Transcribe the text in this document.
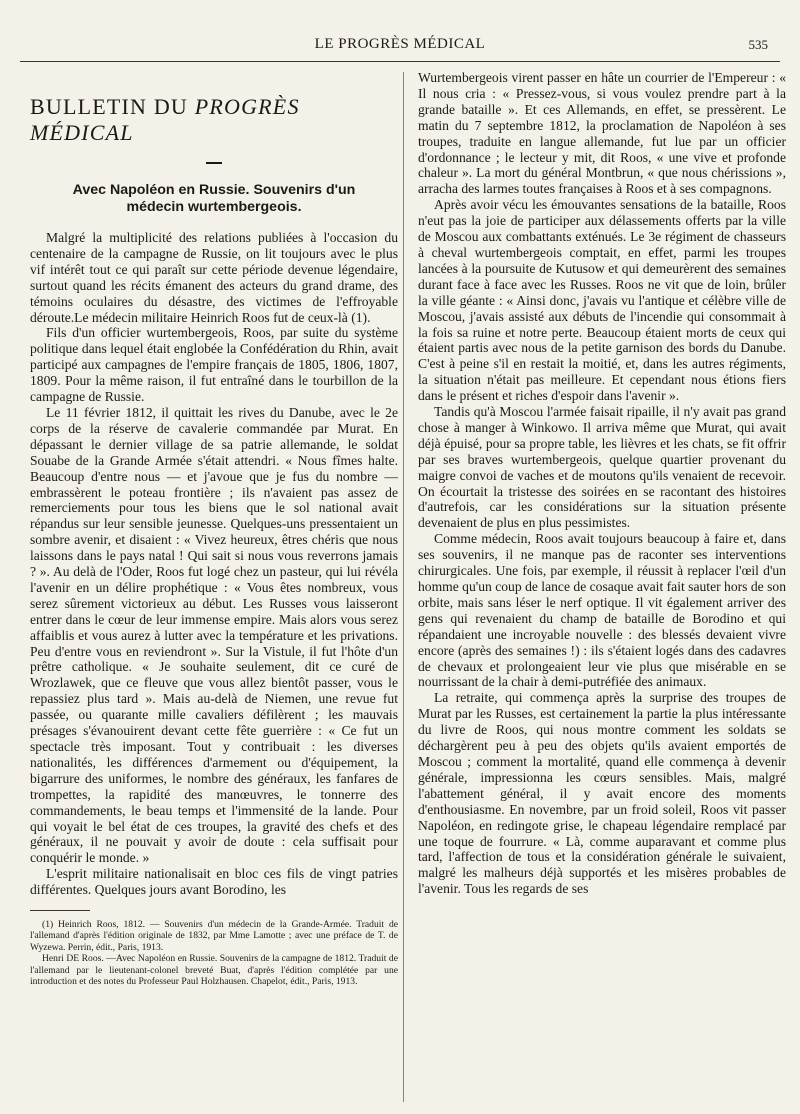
LE PROGRÈS MÉDICAL	535
BULLETIN DU PROGRÈS MÉDICAL
Avec Napoléon en Russie. Souvenirs d'un médecin wurtembergeois.

Malgré la multiplicité des relations publiées à l'occasion du centenaire de la campagne de Russie, on lit toujours avec le plus vif intérêt tout ce qui paraît sur cette période devenue légendaire, surtout quand les récits émanent des acteurs du grand drame, des témoins oculaires du désastre, des victimes de l'effroyable déroute.Le médecin militaire Heinrich Roos fut de ceux-là (1).

Fils d'un officier wurtembergeois, Roos, par suite du système politique dans lequel était englobée la Confédération du Rhin, avait participé aux campagnes de l'empire français de 1805, 1806, 1807, 1809. Pour la même raison, il fut entraîné dans le tourbillon de la campagne de Russie.

Le 11 février 1812, il quittait les rives du Danube, avec le 2e corps de la réserve de cavalerie commandée par Murat. En dépassant le dernier village de sa patrie allemande, le soldat Souabe de la Grande Armée s'était attendri. « Nous fîmes halte. Beaucoup d'entre nous — et j'avoue que je fus du nombre — embrassèrent le poteau frontière ; ils n'avaient pas assez de remerciements pour tous les biens que le sol national avait répandus sur leur sensible jeunesse. Quelques-uns pressentaient un sombre avenir, et disaient : « Vivez heureux, êtres chéris que nous laissons dans le pays natal ! Qui sait si nous vous reverrons jamais ? ». Au delà de l'Oder, Roos fut logé chez un pasteur, qui lui révéla l'avenir en un délire prophétique : « Vous êtes nombreux, vous serez sûrement victorieux au début. Les Russes vous laisseront entrer dans le cœur de leur immense empire. Mais alors vous serez affaiblis et vous aurez à lutter avec la température et les privations. Peu d'entre vous en reviendront ». Sur la Vistule, il fut l'hôte d'un prêtre catholique. « Je souhaite seulement, dit ce curé de Wrozlawek, que ce fleuve que vous allez bientôt passer, vous le repassiez plus tard ». Mais au-delà de Niemen, une revue fut passée, ou quarante mille cavaliers défilèrent ; les mauvais présages s'évanouirent devant cette fête guerrière : « Ce fut un spectacle très imposant. Tout y contribuait : les diverses nationalités, les différences d'armement ou d'équipement, la bigarrure des uniformes, le nombre des généraux, les fanfares de trompettes, la rapidité des manœuvres, le tonnerre des commandements, le beau temps et l'immensité de la lande. Pour qui voyait le bel état de ces troupes, la gravité des chefs et des généraux, il ne pouvait y avoir de doute : cela suffisait pour conquérir le monde. »

L'esprit militaire nationalisait en bloc ces fils de vingt patries différentes. Quelques jours avant Borodino, les

(1) Heinrich Roos, 1812. — Souvenirs d'un médecin de la Grande-Armée. Traduit de l'allemand d'après l'édition originale de 1832, par Mme Lamotte ; avec une préface de T. de Wyzewa. Perrin, édit., Paris, 1913.

Henri DE Roos. —Avec Napoléon en Russie. Souvenirs de la campagne de 1812. Traduit de l'allemand par le lieutenant-colonel breveté Buat, d'après l'édition complétée par une introduction et des notes du Professeur Paul Holzhausen. Chapelot, édit., Paris, 1913.

Wurtembergeois virent passer en hâte un courrier de l'Empereur : « Il nous cria : « Pressez-vous, si vous voulez prendre part à la grande bataille ». Et ces Allemands, en effet, se pressèrent. Le matin du 7 septembre 1812, la proclamation de Napoléon à ses troupes, traduite en langue allemande, fut lue par un officier d'ordonnance ; le lecteur y mit, dit Roos, « une vive et profonde chaleur ». La mort du général Montbrun, « que nous chérissions », arracha des larmes toutes françaises à Roos et à ses compagnons.

Après avoir vécu les émouvantes sensations de la bataille, Roos n'eut pas la joie de participer aux délassements offerts par la ville de Moscou aux combattants exténués. Le 3e régiment de chasseurs à cheval wurtembergeois comptait, en effet, parmi les troupes lancées à la poursuite de Kutusow et qui demeurèrent des semaines durant face à face avec les Russes. Roos ne vit que de loin, brûler la ville géante : « Ainsi donc, j'avais vu l'antique et célèbre ville de Moscou, j'avais assisté aux débuts de l'incendie qui consommait à la fois sa ruine et notre perte. Beaucoup étaient morts de ceux qui étaient partis avec nous de la petite garnison des bords du Danube. C'est à peine s'il en restait la moitié, et, dans les autres régiments, la situation n'était pas meilleure. Et cependant nous étions fiers dans le présent et riches d'espoir dans l'avenir ».

Tandis qu'à Moscou l'armée faisait ripaille, il n'y avait pas grand chose à manger à Winkowo. Il arriva même que Murat, qui avait déjà épuisé, pour sa propre table, les lièvres et les chats, se fit offrir par ses braves wurtembergeois, quelque quartier provenant du maigre convoi de vaches et de moutons qu'ils venaient de recevoir. On écourtait la tristesse des soirées en se racontant des histoires d'autrefois, car les considérations sur la situation présente devenaient de plus en plus pessimistes.

Comme médecin, Roos avait toujours beaucoup à faire et, dans ses souvenirs, il ne manque pas de raconter ses interventions chirurgicales. Une fois, par exemple, il réussit à replacer l'œil d'un homme qu'un coup de lance de cosaque avait fait sauter hors de son orbite, mais sans léser le nerf optique. Il vit également arriver des gens qui revenaient du champ de bataille de Borodino et qui répandaient une incroyable nouvelle : des blessés devaient vivre encore (après des semaines !) : ils s'étaient logés dans des cadavres de chevaux et prolongeaient leur vie plus que misérable en se nourrissant de la chair à demi-putréfiée des animaux.

La retraite, qui commença après la surprise des troupes de Murat par les Russes, est certainement la partie la plus intéressante du livre de Roos, qui nous montre comment les soldats se déchargèrent peu à peu des objets qu'ils avaient emportés de Moscou ; comment la mortalité, quand elle commença à devenir générale, impressionna les cœurs sensibles. Mais, malgré l'abattement général, il y avait encore des moments d'enthousiasme. En novembre, par un froid soleil, Roos vit passer Napoléon, en redingote grise, le chapeau légendaire remplacé par une toque de fourrure. « Là, comme auparavant et comme plus tard, l'affection de tous et la considération générale le suivaient, malgré les malheurs déjà supportés et les misères probables de l'avenir. Tous les regards de ses
